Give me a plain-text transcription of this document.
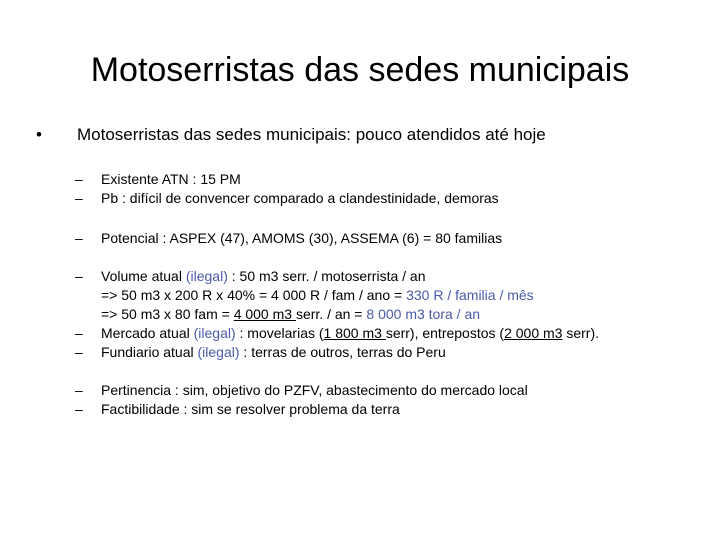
Motoserristas das sedes municipais
•	Motoserristas das sedes municipais: pouco atendidos até hoje
– Existente ATN : 15 PM
– Pb : difícil de convencer comparado a clandestinidade, demoras
– Potencial : ASPEX (47), AMOMS (30), ASSEMA (6) = 80 familias
– Volume atual (ilegal) : 50 m3 serr. / motoserrista / an
=> 50 m3 x 200 R x 40% = 4 000 R / fam / ano = 330 R / familia / mês
=> 50 m3 x 80 fam = 4 000 m3 serr. / an = 8 000 m3 tora / an
– Mercado atual (ilegal) : movelarias (1 800 m3 serr), entrepostos (2 000 m3 serr).
– Fundiario atual (ilegal) : terras de outros, terras do Peru
– Pertinencia : sim, objetivo do PZFV, abastecimento do mercado local
– Factibilidade : sim se resolver problema da terra
